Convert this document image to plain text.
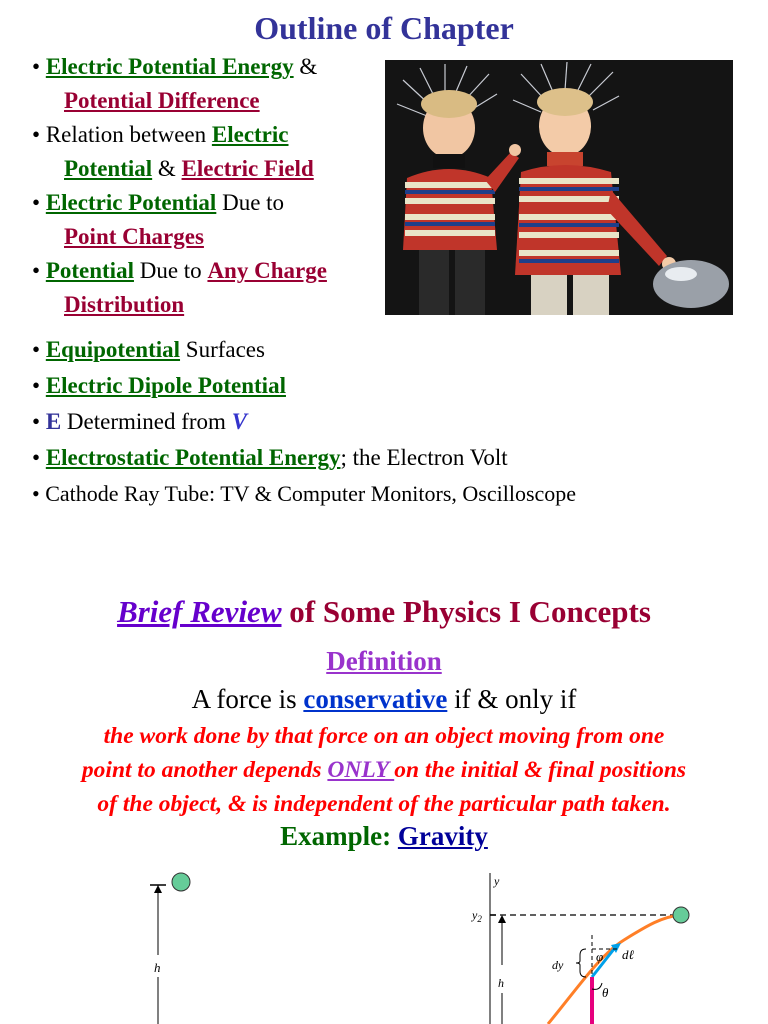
Outline of Chapter
• Electric Potential Energy &
Potential Difference
• Relation between Electric
Potential & Electric Field
• Electric Potential Due to
Point Charges
• Potential Due to Any Charge
Distribution
• Equipotential Surfaces
• Electric Dipole Potential
• E Determined from V
• Electrostatic Potential Energy; the Electron Volt
• Cathode Ray Tube: TV & Computer Monitors, Oscilloscope
Brief Review of Some Physics I Concepts
Definition
A force is conservative if & only if
the work done by that force on an object moving from one
point to another depends ONLY on the initial & final positions
of the object, & is independent of the particular path taken.
Example: Gravity
h
y
$y_2$
h
dy
φ dℓ
θ
